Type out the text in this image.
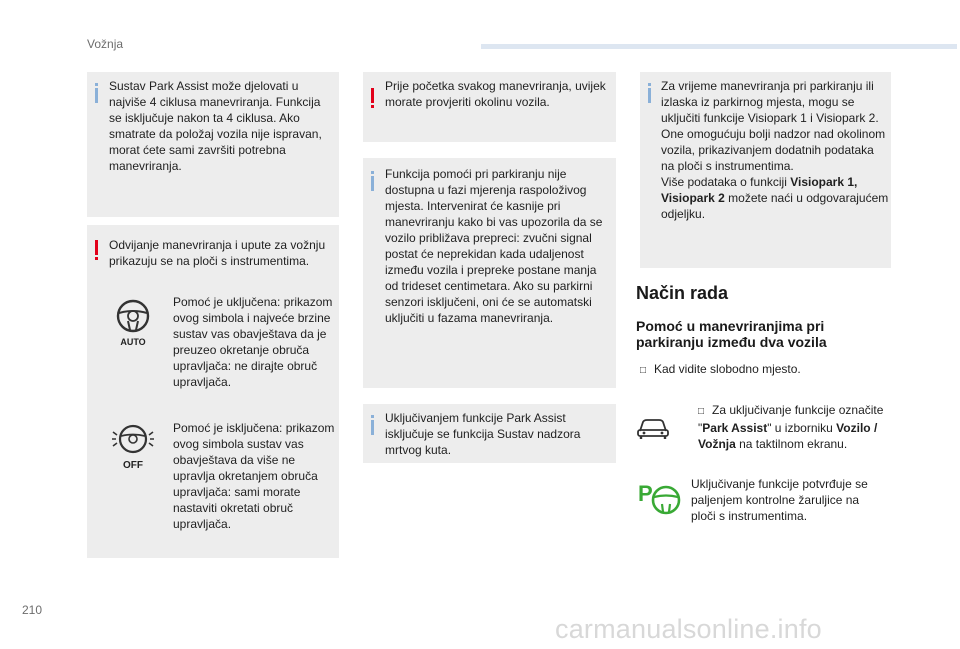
Vožnja

Sustav Park Assist može djelovati u najviše 4 ciklusa manevriranja. Funkcija se isključuje nakon ta 4 ciklusa. Ako smatrate da položaj vozila nije ispravan, morat ćete sami završiti potrebna manevriranja.

Odvijanje manevriranja i upute za vožnju prikazuju se na ploči s instrumentima.

AUTO

Pomoć je uključena: prikazom ovog simbola i najveće brzine sustav vas obavještava da je preuzeo okretanje obruča upravljača: ne dirajte obruč upravljača.

OFF

Pomoć je isključena: prikazom ovog simbola sustav vas obavještava da više ne upravlja okretanjem obruča upravljača: sami morate nastaviti okretati obruč upravljača.

Prije početka svakog manevriranja, uvijek morate provjeriti okolinu vozila.

Funkcija pomoći pri parkiranju nije dostupna u fazi mjerenja raspoloživog mjesta. Intervenirat će kasnije pri manevriranju kako bi vas upozorila da se vozilo približava prepreci: zvučni signal postat će neprekidan kada udaljenost između vozila i prepreke postane manja od trideset centimetara. Ako su parkirni senzori isključeni, oni će se automatski uključiti u fazama manevriranja.

Uključivanjem funkcije Park Assist isključuje se funkcija Sustav nadzora mrtvog kuta.

Za vrijeme manevriranja pri parkiranju ili izlaska iz parkirnog mjesta, mogu se uključiti funkcije Visiopark 1 i Visiopark 2. One omogućuju bolji nadzor nad okolinom vozila, prikazivanjem dodatnih podataka na ploči s instrumentima.
Više podataka o funkciji Visiopark 1, Visiopark 2 možete naći u odgovarajućem odjeljku.

Način rada
Pomoć u manevriranjima pri parkiranju između dva vozila

□ Kad vidite slobodno mjesto.

□ Za uključivanje funkcije označite "Park Assist" u izborniku Vozilo / Vožnja na taktilnom ekranu.

P	Uključivanje funkcije potvrđuje se paljenjem kontrolne žaruljice na ploči s instrumentima.

210
carmanualsonline.info
